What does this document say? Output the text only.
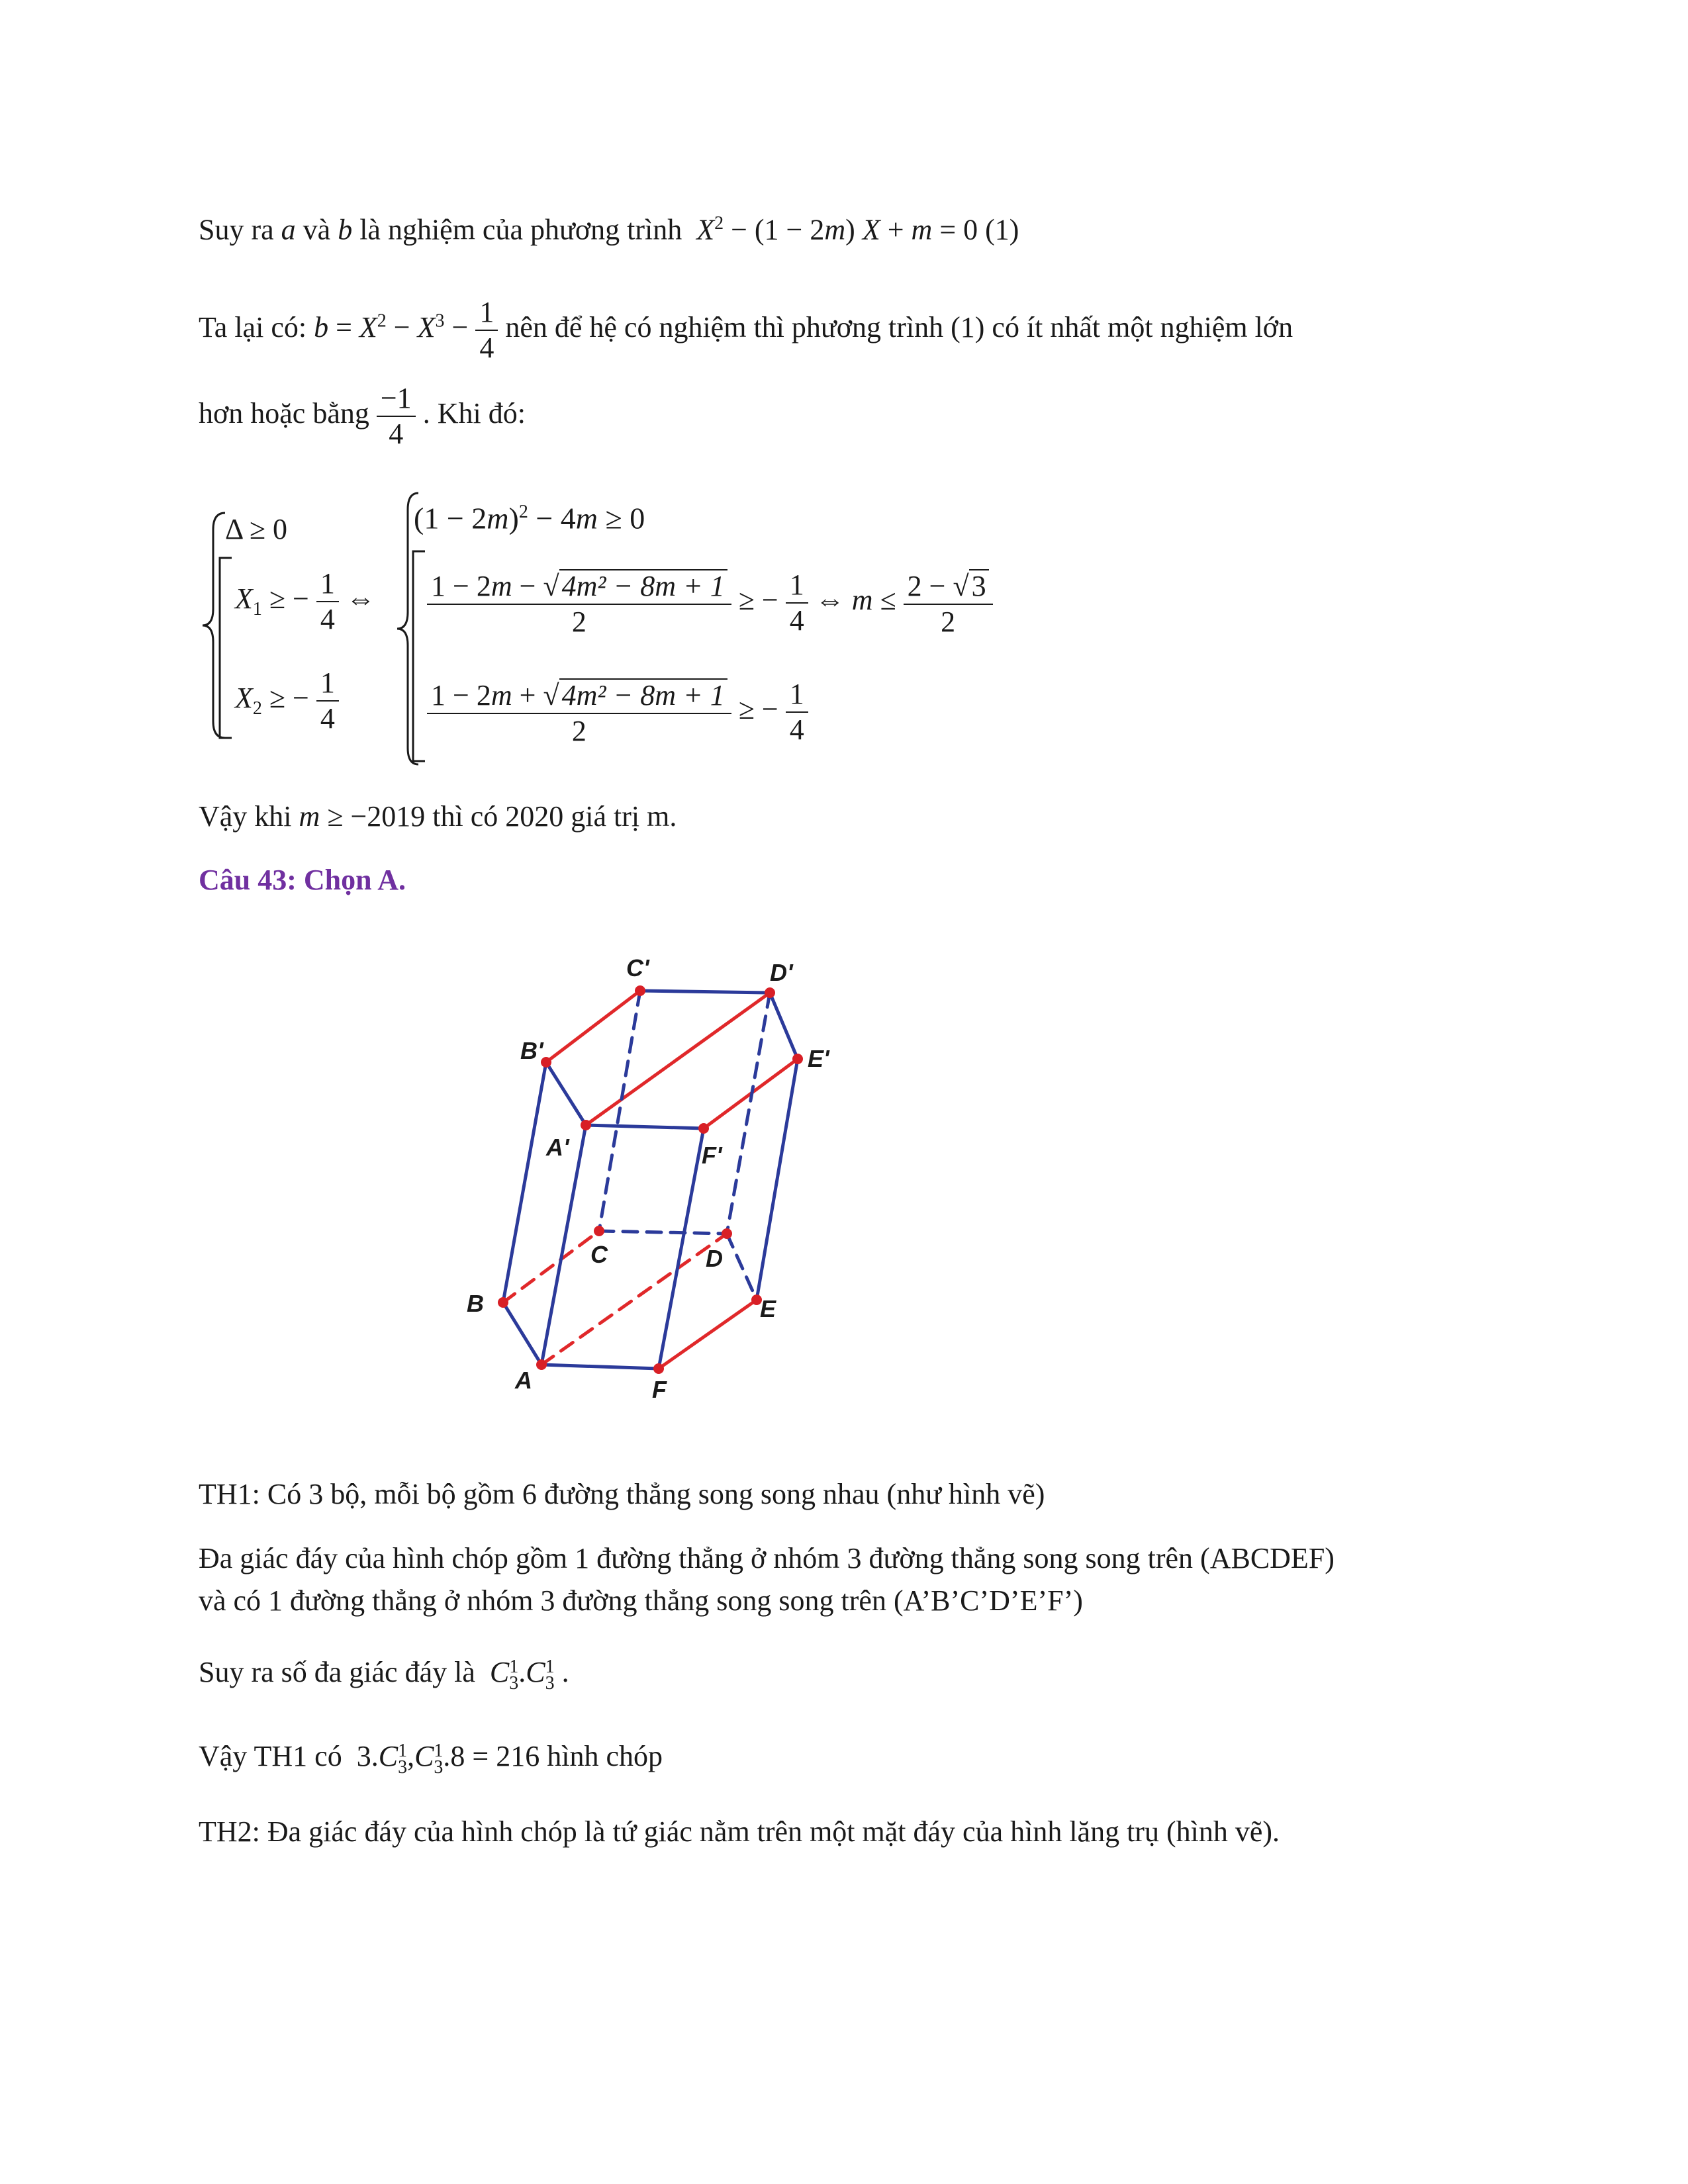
Suy ra a và b là nghiệm của phương trình $X^2 - (1 - 2m) X + m = 0$ (1)
Ta lại có: $b = X^2 - X^3 - \frac{1}{4}$ nên để hệ có nghiệm thì phương trình (1) có ít nhất một nghiệm lớn
hơn hoặc bằng $\frac{-1}{4}$ . Khi đó:
Δ ≥ 0
$X_1$ ≥ − $\frac{1}{4}$ ⇔
$X_2$ ≥ − $\frac{1}{4}$
$(1 - 2m)^2 - 4m \ge 0$
$\frac{\text{1 − 2m − √4m² − 8m + 1}}{2}$ ≥ − $\frac{1}{4}$ ⇔ $m \le \frac{2 - √3}{2}$
$\frac{\text{1 − 2m + √4m² − 8m + 1}}{2}$ ≥ − $\frac{1}{4}$
Vậy khi m ≥ −2019 thì có 2020 giá trị m.
Câu 43: Chọn A.
C'	D'
B'	E'
A'	F'
C	D
B	E
A	F
TH1: Có 3 bộ, mỗi bộ gồm 6 đường thẳng song song nhau (như hình vẽ)
Đa giác đáy của hình chóp gồm 1 đường thẳng ở nhóm 3 đường thẳng song song trên (ABCDEF)
và có 1 đường thẳng ở nhóm 3 đường thẳng song song trên (A’B’C’D’E’F’)
Suy ra số đa giác đáy là C 1
3 .C 1
3 .
Vậy TH1 có 3.C 1
3 ,C 1
3 .8 = 216 hình chóp
TH2: Đa giác đáy của hình chóp là tứ giác nằm trên một mặt đáy của hình lăng trụ (hình vẽ).
